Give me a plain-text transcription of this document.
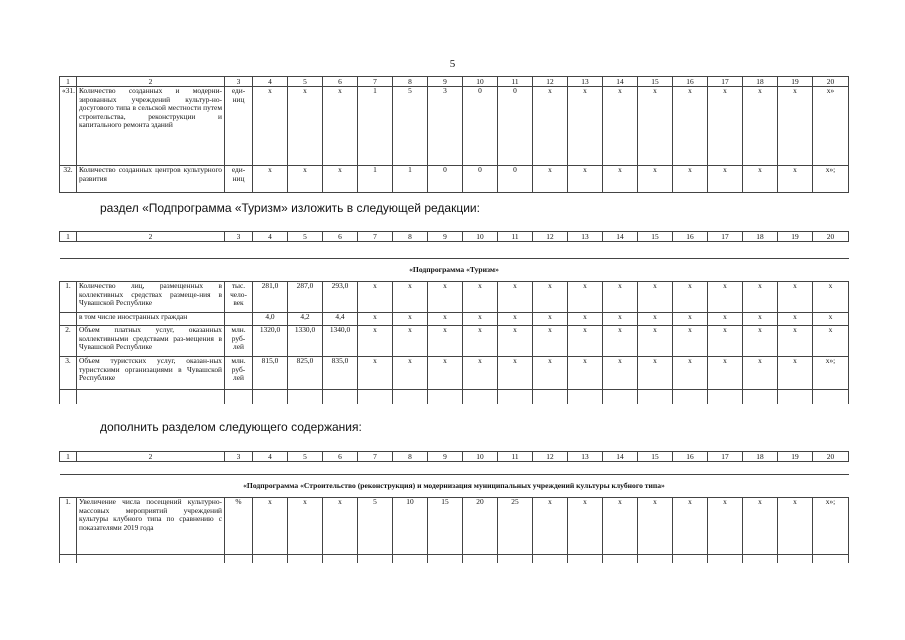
5
1	2	3	4	5	6	7	8	9	10	11	12	13	14	15	16	17	18	19	20
«31.	Количество созданных и модерни-зированных учреждений культур-но-досугового типа в сельской местности путем строительства, реконструкции и капитального ремонта зданий	еди-ниц	х	х	х	1	5	3	0	0	х	х	х	х	х	х	х	х	х»
32.	Количество созданных центров культурного развития	еди-ниц	х	х	х	1	1	0	0	0	х	х	х	х	х	х	х	х	х»;
раздел «Подпрограмма «Туризм» изложить в следующей редакции:
1	2	3	4	5	6	7	8	9	10	11	12	13	14	15	16	17	18	19	20

«Подпрограмма «Туризм»																			
1.	Количество лиц, размещенных в коллективных средствах размеще-ния в Чувашской Республике	тыс. чело-век	281,0	287,0	293,0	х	х	х	х	х	х	х	х	х	х	х	х	х	х
	в том числе иностранных граждан		4,0	4,2	4,4	х	х	х	х	х	х	х	х	х	х	х	х	х	х
2.	Объем платных услуг, оказанных коллективными средствами раз-мещения в Чувашской Республике	млн. руб-лей	1320,0	1330,0	1340,0	х	х	х	х	х	х	х	х	х	х	х	х	х	х
3.	Объем туристских услуг, оказан-ных туристскими организациями в Чувашской Республике	млн. руб-лей	815,0	825,0	835,0	х	х	х	х	х	х	х	х	х	х	х	х	х	х»;

дополнить разделом следующего содержания:
1	2	3	4	5	6	7	8	9	10	11	12	13	14	15	16	17	18	19	20

«Подпрограмма «Строительство (реконструкция) и модернизация муниципальных учреждений культуры клубного типа»																			
1.	Увеличение числа посещений культурно-массовых мероприятий учреждений культуры клубного типа по сравнению с показателями 2019 года	%	х	х	х	5	10	15	20	25	х	х	х	х	х	х	х	х	х»;
